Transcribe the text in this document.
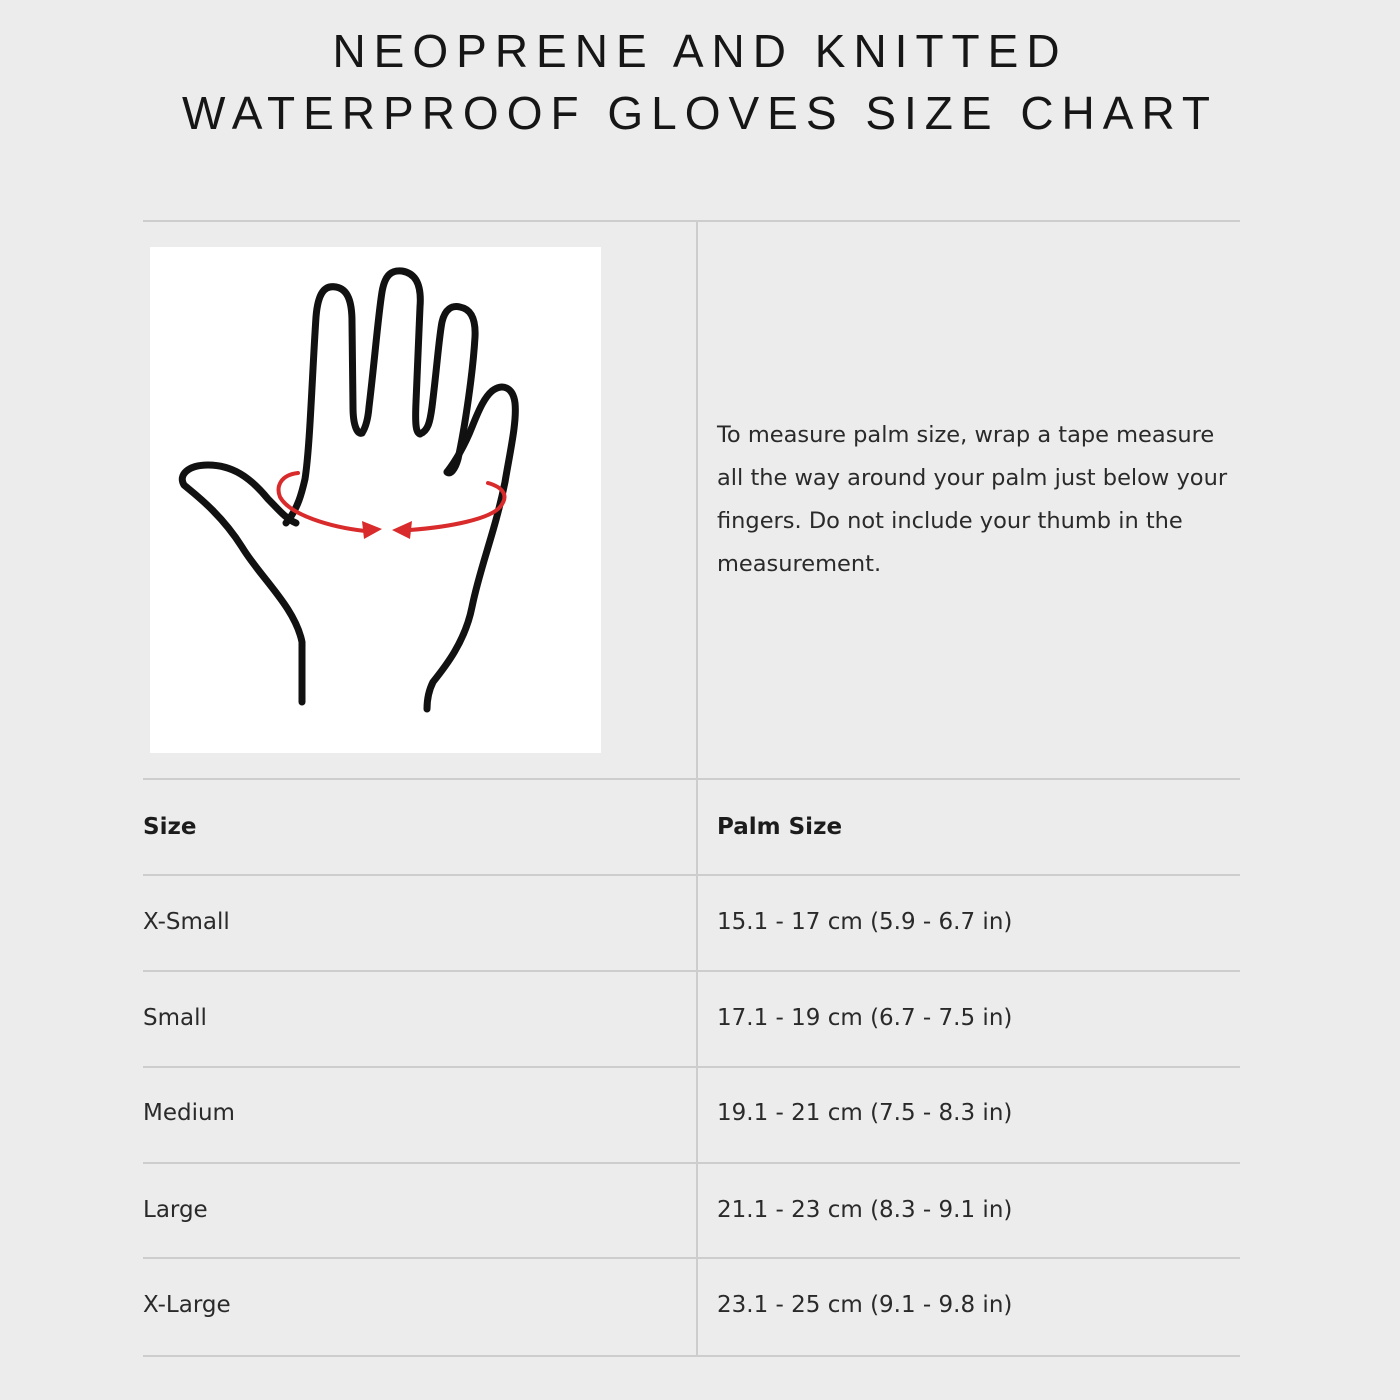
NEOPRENE AND KNITTED
WATERPROOF GLOVES SIZE CHART

To measure palm size, wrap a tape measure all the way around your palm just below your fingers. Do not include your thumb in the measurement.

Size	Palm Size
X-Small	15.1 - 17 cm (5.9 - 6.7 in)
Small	17.1 - 19 cm (6.7 - 7.5 in)
Medium	19.1 - 21 cm (7.5 - 8.3 in)
Large	21.1 - 23 cm (8.3 - 9.1 in)
X-Large	23.1 - 25 cm (9.1 - 9.8 in)
